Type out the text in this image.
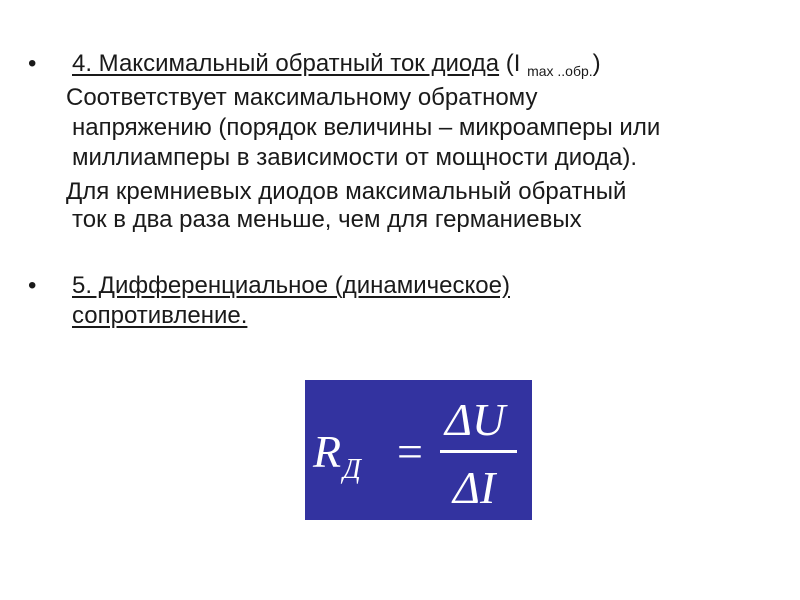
• 4. Максимальный обратный ток диода (I $_{max ..обр.}$)
Соответствует максимальному обратному
напряжению (порядок величины – микроамперы или
миллиамперы в зависимости от мощности диода).
Для кремниевых диодов максимальный обратный
ток в два раза меньше, чем для германиевых
• 5. Дифференциальное (динамическое)
сопротивление.
R Д =
ΔU
ΔI
